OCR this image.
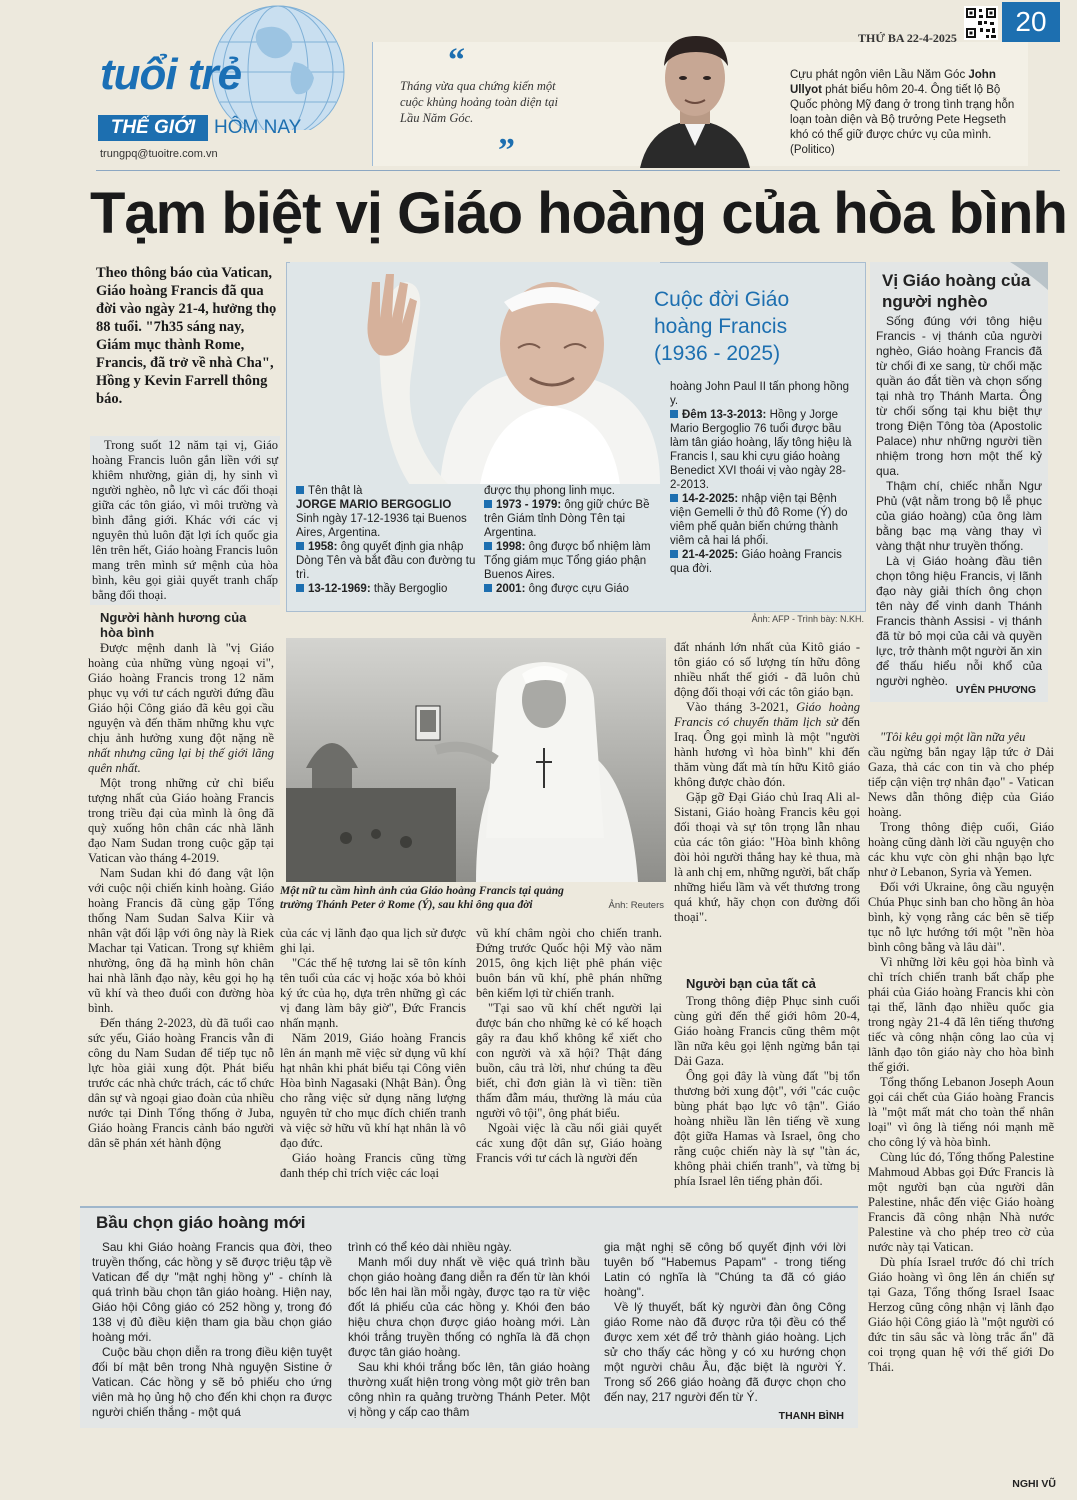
tuổi trẻ
THẾ GIỚI HÔM NAY
trungpq@tuoitre.com.vn
“
Tháng vừa qua chứng kiến một cuộc khủng hoảng toàn diện tại Lầu Năm Góc.
”
Cựu phát ngôn viên Lầu Năm Góc John Ullyot phát biểu hôm 20-4. Ông tiết lộ Bộ Quốc phòng Mỹ đang ở trong tình trạng hỗn loạn toàn diện và Bộ trưởng Pete Hegseth khó có thể giữ được chức vụ của mình. (Politico)
THỨ BA 22-4-2025
20
Tạm biệt vị Giáo hoàng của hòa bình
Theo thông báo của Vatican, Giáo hoàng Francis đã qua đời vào ngày 21-4, hưởng thọ 88 tuổi. "7h35 sáng nay, Giám mục thành Rome, Francis, đã trở về nhà Cha", Hồng y Kevin Farrell thông báo.
Trong suốt 12 năm tại vị, Giáo hoàng Francis luôn gắn liền với sự khiêm nhường, giản dị, hy sinh vì người nghèo, nỗ lực vì các đối thoại giữa các tôn giáo, vì môi trường và bình đẳng giới. Khác với các vị nguyên thủ luôn đặt lợi ích quốc gia lên trên hết, Giáo hoàng Francis luôn mang trên mình sứ mệnh của hòa bình, kêu gọi giải quyết tranh chấp bằng đối thoại.
Người hành hương của hòa bình

Được mệnh danh là "vị Giáo hoàng của những vùng ngoại vi", Giáo hoàng Francis trong 12 năm phục vụ với tư cách người đứng đầu Giáo hội Công giáo đã kêu gọi cầu nguyện và đến thăm những khu vực chịu ảnh hưởng xung đột nặng nề nhất nhưng cũng lại bị thế giới lãng quên nhất.

Một trong những cử chỉ biểu tượng nhất của Giáo hoàng Francis trong triều đại của mình là ông đã quỳ xuống hôn chân các nhà lãnh đạo Nam Sudan trong cuộc gặp tại Vatican vào tháng 4-2019.

Nam Sudan khi đó đang vật lộn với cuộc nội chiến kinh hoàng. Giáo hoàng Francis đã cùng gặp Tổng thống Nam Sudan Salva Kiir và nhân vật đối lập với ông này là Riek Machar tại Vatican. Trong sự khiêm nhường, ông đã hạ mình hôn chân hai nhà lãnh đạo này, kêu gọi họ hạ vũ khí và theo đuổi con đường hòa bình.

Đến tháng 2-2023, dù đã tuổi cao sức yếu, Giáo hoàng Francis vẫn đi công du Nam Sudan để tiếp tục nỗ lực hòa giải xung đột. Phát biểu trước các nhà chức trách, các tổ chức dân sự và ngoại giao đoàn của nhiều nước tại Dinh Tổng thống ở Juba, Giáo hoàng Francis cảnh báo người dân sẽ phán xét hành động

Cuộc đời Giáo hoàng Francis (1936 - 2025)
Tên thật là
JORGE MARIO BERGOGLIO
Sinh ngày 17-12-1936 tại Buenos Aires, Argentina.
1958: ông quyết định gia nhập Dòng Tên và bắt đầu con đường tu trì.
13-12-1969: thầy Bergoglio
được thụ phong linh mục.
1973 - 1979: ông giữ chức Bề trên Giám tỉnh Dòng Tên tại Argentina.
1998: ông được bổ nhiệm làm Tổng giám mục Tổng giáo phận Buenos Aires.
2001: ông được cựu Giáo
hoàng John Paul II tấn phong hồng y.
Đêm 13-3-2013: Hồng y Jorge Mario Bergoglio 76 tuổi được bầu làm tân giáo hoàng, lấy tông hiệu là Francis I, sau khi cựu giáo hoàng Benedict XVI thoái vị vào ngày 28-2-2013.
14-2-2025: nhập viện tại Bệnh viện Gemelli ở thủ đô Rome (Ý) do viêm phế quản biến chứng thành viêm cả hai lá phổi.
21-4-2025: Giáo hoàng Francis qua đời.
Ảnh: AFP - Trình bày: N.KH.
Vị Giáo hoàng của người nghèo

Sống đúng với tông hiệu Francis - vị thánh của người nghèo, Giáo hoàng Francis đã từ chối đi xe sang, từ chối mặc quần áo đắt tiền và chọn sống tại nhà trọ Thánh Marta. Ông từ chối sống tại khu biệt thự trong Điện Tông tòa (Apostolic Palace) như những người tiền nhiệm trong hơn một thế kỷ qua.

Thậm chí, chiếc nhẫn Ngư Phủ (vật nằm trong bộ lễ phục của giáo hoàng) của ông làm bằng bạc mạ vàng thay vì vàng thật như truyền thống.

Là vị Giáo hoàng đầu tiên chọn tông hiệu Francis, vị lãnh đạo này giải thích ông chọn tên này để vinh danh Thánh Francis thành Assisi - vị thánh đã từ bỏ mọi của cải và quyền lực, trở thành một người ăn xin để thấu hiểu nỗi khổ của người nghèo.

UYÊN PHƯƠNG
Một nữ tu cầm hình ảnh của Giáo hoàng Francis tại quảng trường Thánh Peter ở Rome (Ý), sau khi ông qua đời	Ảnh: Reuters

của các vị lãnh đạo qua lịch sử được ghi lại.

"Các thế hệ tương lai sẽ tôn kính tên tuổi của các vị hoặc xóa bỏ khỏi ký ức của họ, dựa trên những gì các vị đang làm bây giờ", Đức Francis nhấn mạnh.

Năm 2019, Giáo hoàng Francis lên án mạnh mẽ việc sử dụng vũ khí hạt nhân khi phát biểu tại Công viên Hòa bình Nagasaki (Nhật Bản). Ông cho rằng việc sử dụng năng lượng nguyên tử cho mục đích chiến tranh và việc sở hữu vũ khí hạt nhân là vô đạo đức.

Giáo hoàng Francis cũng từng đanh thép chỉ trích việc các loại

vũ khí châm ngòi cho chiến tranh. Đứng trước Quốc hội Mỹ vào năm 2015, ông kịch liệt phê phán việc buôn bán vũ khí, phê phán những bên kiếm lợi từ chiến tranh.

"Tại sao vũ khí chết người lại được bán cho những kẻ có kế hoạch gây ra đau khổ không kể xiết cho con người và xã hội? Thật đáng buồn, câu trả lời, như chúng ta đều biết, chỉ đơn giản là vì tiền: tiền thấm đẫm máu, thường là máu của người vô tội", ông phát biểu.

Ngoài việc là cầu nối giải quyết các xung đột dân sự, Giáo hoàng Francis với tư cách là người đến

đất nhánh lớn nhất của Kitô giáo - tôn giáo có số lượng tín hữu đông nhiều nhất thế giới - đã luôn chủ động đối thoại với các tôn giáo bạn.

Vào tháng 3-2021, Giáo hoàng Francis có chuyến thăm lịch sử đến Iraq. Ông gọi mình là một "người hành hương vì hòa bình" khi đến thăm vùng đất mà tín hữu Kitô giáo không được chào đón.

Gặp gỡ Đại Giáo chủ Iraq Ali al-Sistani, Giáo hoàng Francis kêu gọi đối thoại và sự tôn trọng lẫn nhau của các tôn giáo: "Hòa bình không đòi hỏi người thắng hay kẻ thua, mà là anh chị em, những người, bất chấp những hiểu lầm và vết thương trong quá khứ, hãy chọn con đường đối thoại".

Người bạn của tất cả

Trong thông điệp Phục sinh cuối cùng gửi đến thế giới hôm 20-4, Giáo hoàng Francis cũng thêm một lần nữa kêu gọi lệnh ngừng bắn tại Dải Gaza.

Ông gọi đây là vùng đất "bị tổn thương bởi xung đột", với "các cuộc bùng phát bạo lực vô tận". Giáo hoàng nhiều lần lên tiếng về xung đột giữa Hamas và Israel, ông cho rằng cuộc chiến này là sự "tàn ác, không phải chiến tranh", và từng bị phía Israel lên tiếng phản đối.

"Tôi kêu gọi một lần nữa yêu

cầu ngừng bắn ngay lập tức ở Dải Gaza, thả các con tin và cho phép tiếp cận viện trợ nhân đạo" - Vatican News dẫn thông điệp của Giáo hoàng.

Trong thông điệp cuối, Giáo hoàng cũng dành lời cầu nguyện cho các khu vực còn ghi nhận bạo lực như ở Lebanon, Syria và Yemen.

Đối với Ukraine, ông cầu nguyện Chúa Phục sinh ban cho hồng ân hòa bình, kỳ vọng rằng các bên sẽ tiếp tục nỗ lực hướng tới một "nền hòa bình công bằng và lâu dài".

Vì những lời kêu gọi hòa bình và chỉ trích chiến tranh bất chấp phe phái của Giáo hoàng Francis khi còn tại thế, lãnh đạo nhiều quốc gia trong ngày 21-4 đã lên tiếng thương tiếc và công nhận công lao của vị lãnh đạo tôn giáo này cho hòa bình thế giới.

Tổng thống Lebanon Joseph Aoun gọi cái chết của Giáo hoàng Francis là "một mất mát cho toàn thể nhân loại" vì ông là tiếng nói mạnh mẽ cho công lý và hòa bình.

Cùng lúc đó, Tổng thống Palestine Mahmoud Abbas gọi Đức Francis là một người bạn của người dân Palestine, nhắc đến việc Giáo hoàng Francis đã công nhận Nhà nước Palestine và cho phép treo cờ của nước này tại Vatican.

Dù phía Israel trước đó chỉ trích Giáo hoàng vì ông lên án chiến sự tại Gaza, Tổng thống Israel Isaac Herzog cũng công nhận vị lãnh đạo Giáo hội Công giáo là "một người có đức tin sâu sắc và lòng trắc ẩn" đã coi trọng quan hệ với thế giới Do Thái.

NGHI VŨ
Bầu chọn giáo hoàng mới

Sau khi Giáo hoàng Francis qua đời, theo truyền thống, các hồng y sẽ được triệu tập về Vatican để dự "mật nghị hồng y" - chính là quá trình bầu chọn tân giáo hoàng. Hiện nay, Giáo hội Công giáo có 252 hồng y, trong đó 138 vị đủ điều kiện tham gia bầu chọn giáo hoàng mới.

Cuộc bầu chọn diễn ra trong điều kiện tuyệt đối bí mật bên trong Nhà nguyện Sistine ở Vatican. Các hồng y sẽ bỏ phiếu cho ứng viên mà họ ủng hộ cho đến khi chọn ra được người chiến thắng - một quá

trình có thể kéo dài nhiều ngày.

Manh mối duy nhất về việc quá trình bầu chọn giáo hoàng đang diễn ra đến từ làn khói bốc lên hai lần mỗi ngày, được tạo ra từ việc đốt lá phiếu của các hồng y. Khói đen báo hiệu chưa chọn được giáo hoàng mới. Làn khói trắng truyền thống có nghĩa là đã chọn được tân giáo hoàng.

Sau khi khói trắng bốc lên, tân giáo hoàng thường xuất hiện trong vòng một giờ trên ban công nhìn ra quảng trường Thánh Peter. Một vị hồng y cấp cao thâm

gia mật nghị sẽ công bố quyết định với lời tuyên bố "Habemus Papam" - trong tiếng Latin có nghĩa là "Chúng ta đã có giáo hoàng".

Về lý thuyết, bất kỳ người đàn ông Công giáo Rome nào đã được rửa tội đều có thể được xem xét để trở thành giáo hoàng. Lịch sử cho thấy các hồng y có xu hướng chọn một người châu Âu, đặc biệt là người Ý. Trong số 266 giáo hoàng đã được chọn cho đến nay, 217 người đến từ Ý.

THANH BÌNH
